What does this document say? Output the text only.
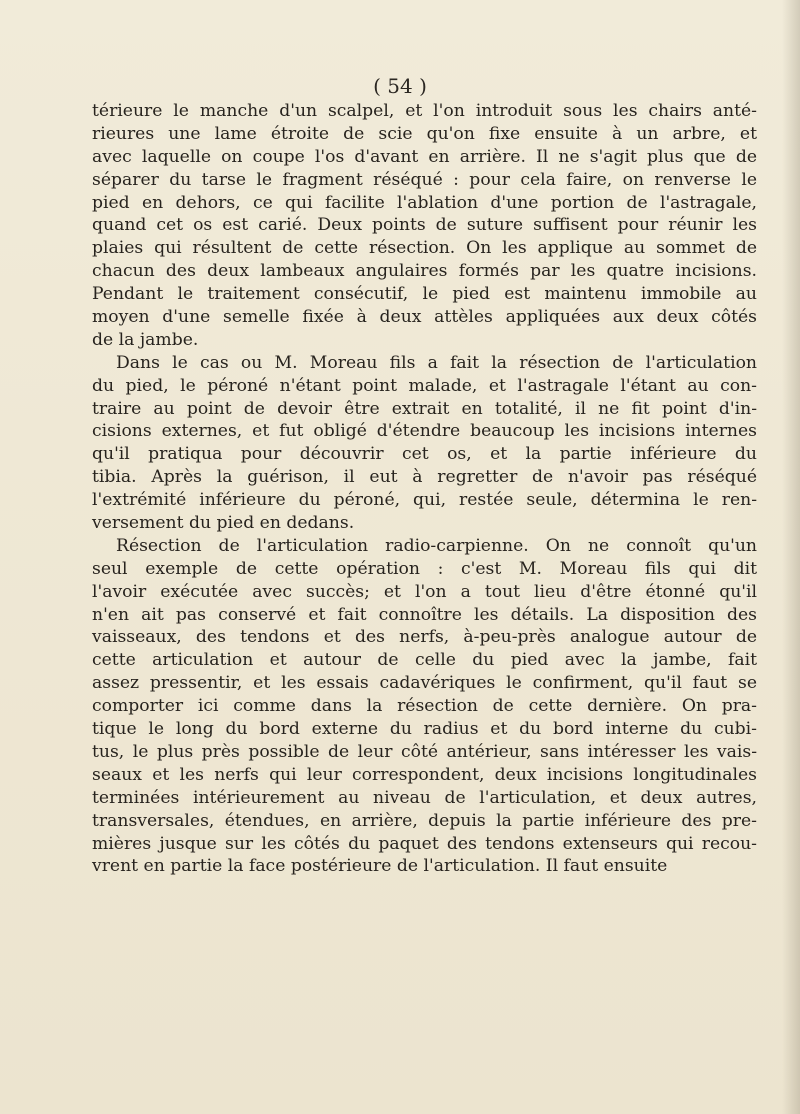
( 54 )
térieure le manche d'un scalpel, et l'on introduit sous les chairs anté-
rieures une lame étroite de scie qu'on fixe ensuite à un arbre, et
avec laquelle on coupe l'os d'avant en arrière. Il ne s'agit plus que de
séparer du tarse le fragment réséqué : pour cela faire, on renverse le
pied en dehors, ce qui facilite l'ablation d'une portion de l'astragale,
quand cet os est carié. Deux points de suture suffisent pour réunir les
plaies qui résultent de cette résection. On les applique au sommet de
chacun des deux lambeaux angulaires formés par les quatre incisions.
Pendant le traitement consécutif, le pied est maintenu immobile au
moyen d'une semelle fixée à deux attèles appliquées aux deux côtés
de la jambe.
Dans le cas ou M. Moreau fils a fait la résection de l'articulation
du pied, le péroné n'étant point malade, et l'astragale l'étant au con-
traire au point de devoir être extrait en totalité, il ne fit point d'in-
cisions externes, et fut obligé d'étendre beaucoup les incisions internes
qu'il pratiqua pour découvrir cet os, et la partie inférieure du
tibia. Après la guérison, il eut à regretter de n'avoir pas réséqué
l'extrémité inférieure du péroné, qui, restée seule, détermina le ren-
versement du pied en dedans.
Résection de l'articulation radio-carpienne. On ne connoît qu'un
seul exemple de cette opération : c'est M. Moreau fils qui dit
l'avoir exécutée avec succès; et l'on a tout lieu d'être étonné qu'il
n'en ait pas conservé et fait connoître les détails. La disposition des
vaisseaux, des tendons et des nerfs, à-peu-près analogue autour de
cette articulation et autour de celle du pied avec la jambe, fait
assez pressentir, et les essais cadavériques le confirment, qu'il faut se
comporter ici comme dans la résection de cette dernière. On pra-
tique le long du bord externe du radius et du bord interne du cubi-
tus, le plus près possible de leur côté antérieur, sans intéresser les vais-
seaux et les nerfs qui leur correspondent, deux incisions longitudinales
terminées intérieurement au niveau de l'articulation, et deux autres,
transversales, étendues, en arrière, depuis la partie inférieure des pre-
mières jusque sur les côtés du paquet des tendons extenseurs qui recou-
vrent en partie la face postérieure de l'articulation. Il faut ensuite
